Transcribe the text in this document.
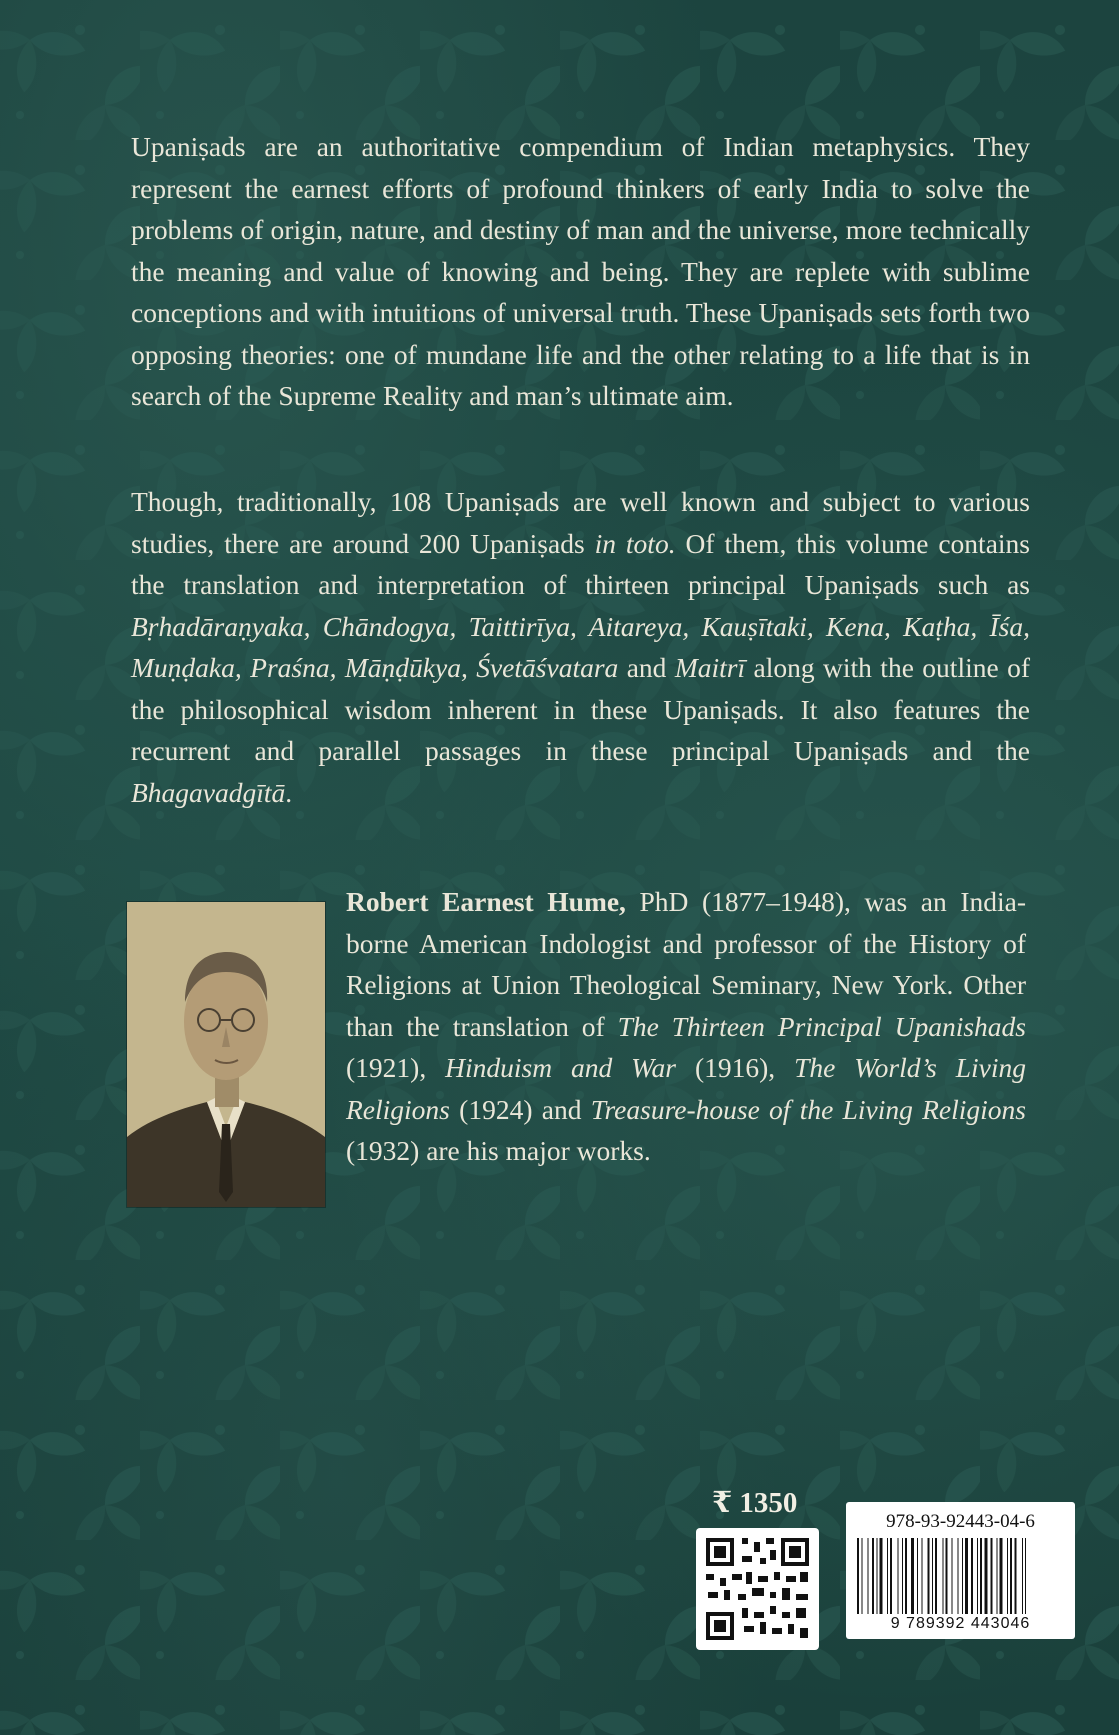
Upaniṣads are an authoritative compendium of Indian metaphysics. They represent the earnest efforts of profound thinkers of early India to solve the problems of origin, nature, and destiny of man and the universe, more technically the meaning and value of knowing and being. They are replete with sublime conceptions and with intuitions of universal truth. These Upaniṣads sets forth two opposing theories: one of mundane life and the other relating to a life that is in search of the Supreme Reality and man’s ultimate aim.

Though, traditionally, 108 Upaniṣads are well known and subject to various studies, there are around 200 Upaniṣads in toto. Of them, this volume contains the translation and interpretation of thirteen principal Upaniṣads such as Bṛhadāraṇyaka, Chāndogya, Taittirīya, Aitareya, Kauṣītaki, Kena, Kaṭha, Īśa, Muṇḍaka, Praśna, Māṇḍūkya, Śvetāśvatara and Maitrī along with the outline of the philosophical wisdom inherent in these Upaniṣads. It also features the recurrent and parallel passages in these principal Upaniṣads and the Bhagavadgītā.

Robert Earnest Hume, PhD (1877–1948), was an India-borne American Indologist and professor of the History of Religions at Union Theological Seminary, New York. Other than the translation of The Thirteen Principal Upanishads (1921), Hinduism and War (1916), The World’s Living Religions (1924) and Treasure-house of the Living Religions (1932) are his major works.
₹ 1350
978-93-92443-04-6
9 789392 443046
